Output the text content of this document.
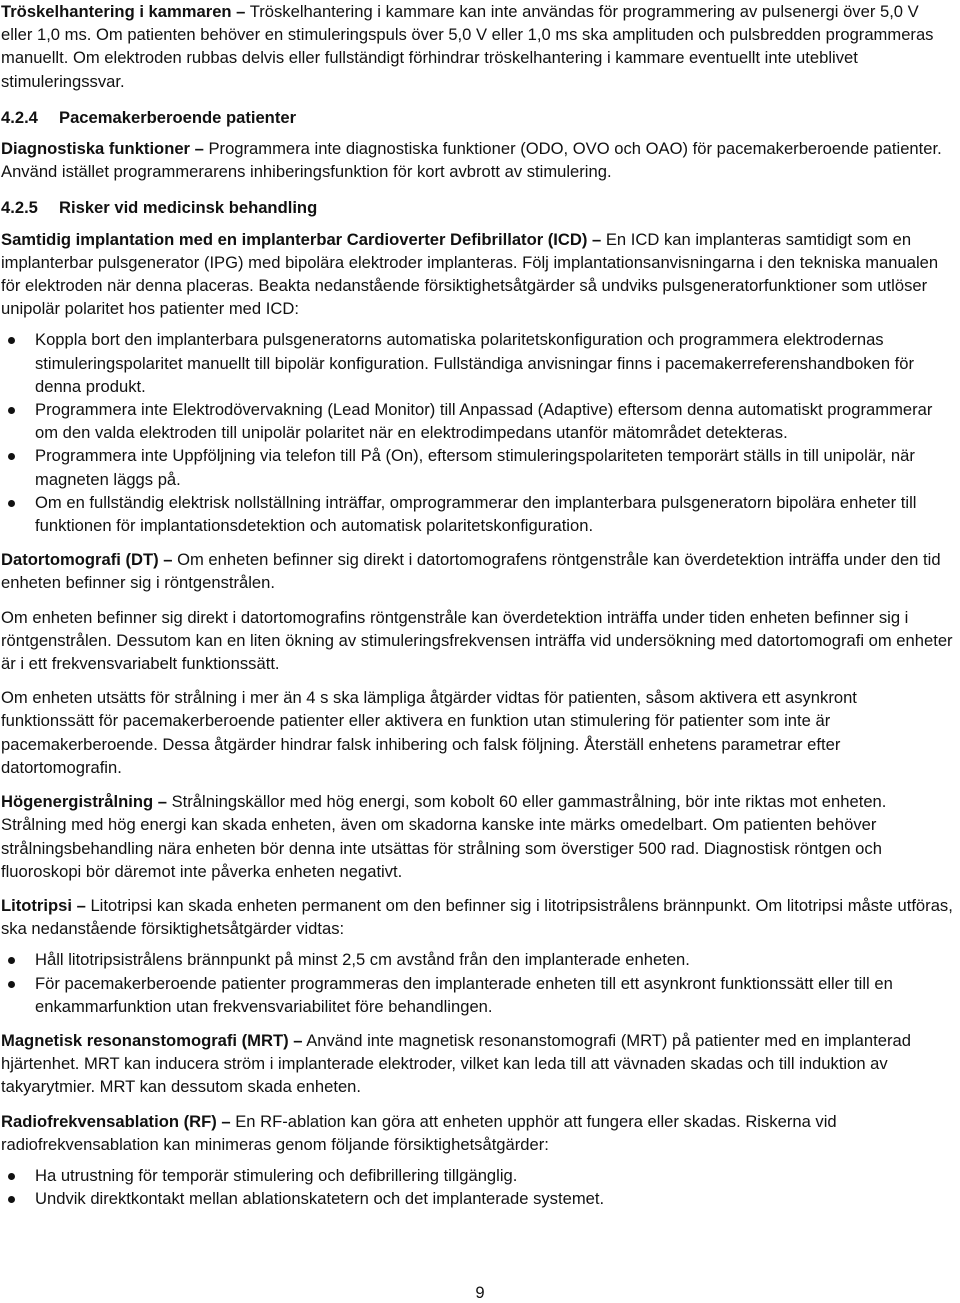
Tröskelhantering i kammaren – Tröskelhantering i kammare kan inte användas för programmering av pulsenergi över 5,0 V eller 1,0 ms. Om patienten behöver en stimuleringspuls över 5,0 V eller 1,0 ms ska amplituden och pulsbredden programmeras manuellt. Om elektroden rubbas delvis eller fullständigt förhindrar tröskelhantering i kammare eventuellt inte uteblivet stimuleringssvar.

4.2.4 Pacemakerberoende patienter

Diagnostiska funktioner – Programmera inte diagnostiska funktioner (ODO, OVO och OAO) för pacemakerberoende patienter. Använd istället programmerarens inhiberingsfunktion för kort avbrott av stimulering.

4.2.5 Risker vid medicinsk behandling

Samtidig implantation med en implanterbar Cardioverter Defibrillator (ICD) – En ICD kan implanteras samtidigt som en implanterbar pulsgenerator (IPG) med bipolära elektroder implanteras. Följ implantationsanvisningarna i den tekniska manualen för elektroden när denna placeras. Beakta nedanstående försiktighetsåtgärder så undviks pulsgeneratorfunktioner som utlöser unipolär polaritet hos patienter med ICD:

Koppla bort den implanterbara pulsgeneratorns automatiska polaritetskonfiguration och programmera elektrodernas stimuleringspolaritet manuellt till bipolär konfiguration. Fullständiga anvisningar finns i pacemakerreferenshandboken för denna produkt.
Programmera inte Elektrodövervakning (Lead Monitor) till Anpassad (Adaptive) eftersom denna automatiskt programmerar om den valda elektroden till unipolär polaritet när en elektrodimpedans utanför mätområdet detekteras.
Programmera inte Uppföljning via telefon till På (On), eftersom stimuleringspolariteten temporärt ställs in till unipolär, när magneten läggs på.
Om en fullständig elektrisk nollställning inträffar, omprogrammerar den implanterbara pulsgeneratorn bipolära enheter till funktionen för implantationsdetektion och automatisk polaritetskonfiguration.

Datortomografi (DT) – Om enheten befinner sig direkt i datortomografens röntgenstråle kan överdetektion inträffa under den tid enheten befinner sig i röntgenstrålen.

Om enheten befinner sig direkt i datortomografins röntgenstråle kan överdetektion inträffa under tiden enheten befinner sig i röntgenstrålen. Dessutom kan en liten ökning av stimuleringsfrekvensen inträffa vid undersökning med datortomografi om enheter är i ett frekvensvariabelt funktionssätt.

Om enheten utsätts för strålning i mer än 4 s ska lämpliga åtgärder vidtas för patienten, såsom aktivera ett asynkront funktionssätt för pacemakerberoende patienter eller aktivera en funktion utan stimulering för patienter som inte är pacemakerberoende. Dessa åtgärder hindrar falsk inhibering och falsk följning. Återställ enhetens parametrar efter datortomografin.

Högenergistrålning – Strålningskällor med hög energi, som kobolt 60 eller gammastrålning, bör inte riktas mot enheten. Strålning med hög energi kan skada enheten, även om skadorna kanske inte märks omedelbart. Om patienten behöver strålningsbehandling nära enheten bör denna inte utsättas för strålning som överstiger 500 rad. Diagnostisk röntgen och fluoroskopi bör däremot inte påverka enheten negativt.

Litotripsi – Litotripsi kan skada enheten permanent om den befinner sig i litotripsistrålens brännpunkt. Om litotripsi måste utföras, ska nedanstående försiktighetsåtgärder vidtas:

Håll litotripsistrålens brännpunkt på minst 2,5 cm avstånd från den implanterade enheten.
För pacemakerberoende patienter programmeras den implanterade enheten till ett asynkront funktionssätt eller till en enkammarfunktion utan frekvensvariabilitet före behandlingen.

Magnetisk resonanstomografi (MRT) – Använd inte magnetisk resonanstomografi (MRT) på patienter med en implanterad hjärtenhet. MRT kan inducera ström i implanterade elektroder, vilket kan leda till att vävnaden skadas och till induktion av takyarytmier. MRT kan dessutom skada enheten.

Radiofrekvensablation (RF) – En RF-ablation kan göra att enheten upphör att fungera eller skadas. Riskerna vid radiofrekvensablation kan minimeras genom följande försiktighetsåtgärder:

Ha utrustning för temporär stimulering och defibrillering tillgänglig.
Undvik direktkontakt mellan ablationskatetern och det implanterade systemet.
9
